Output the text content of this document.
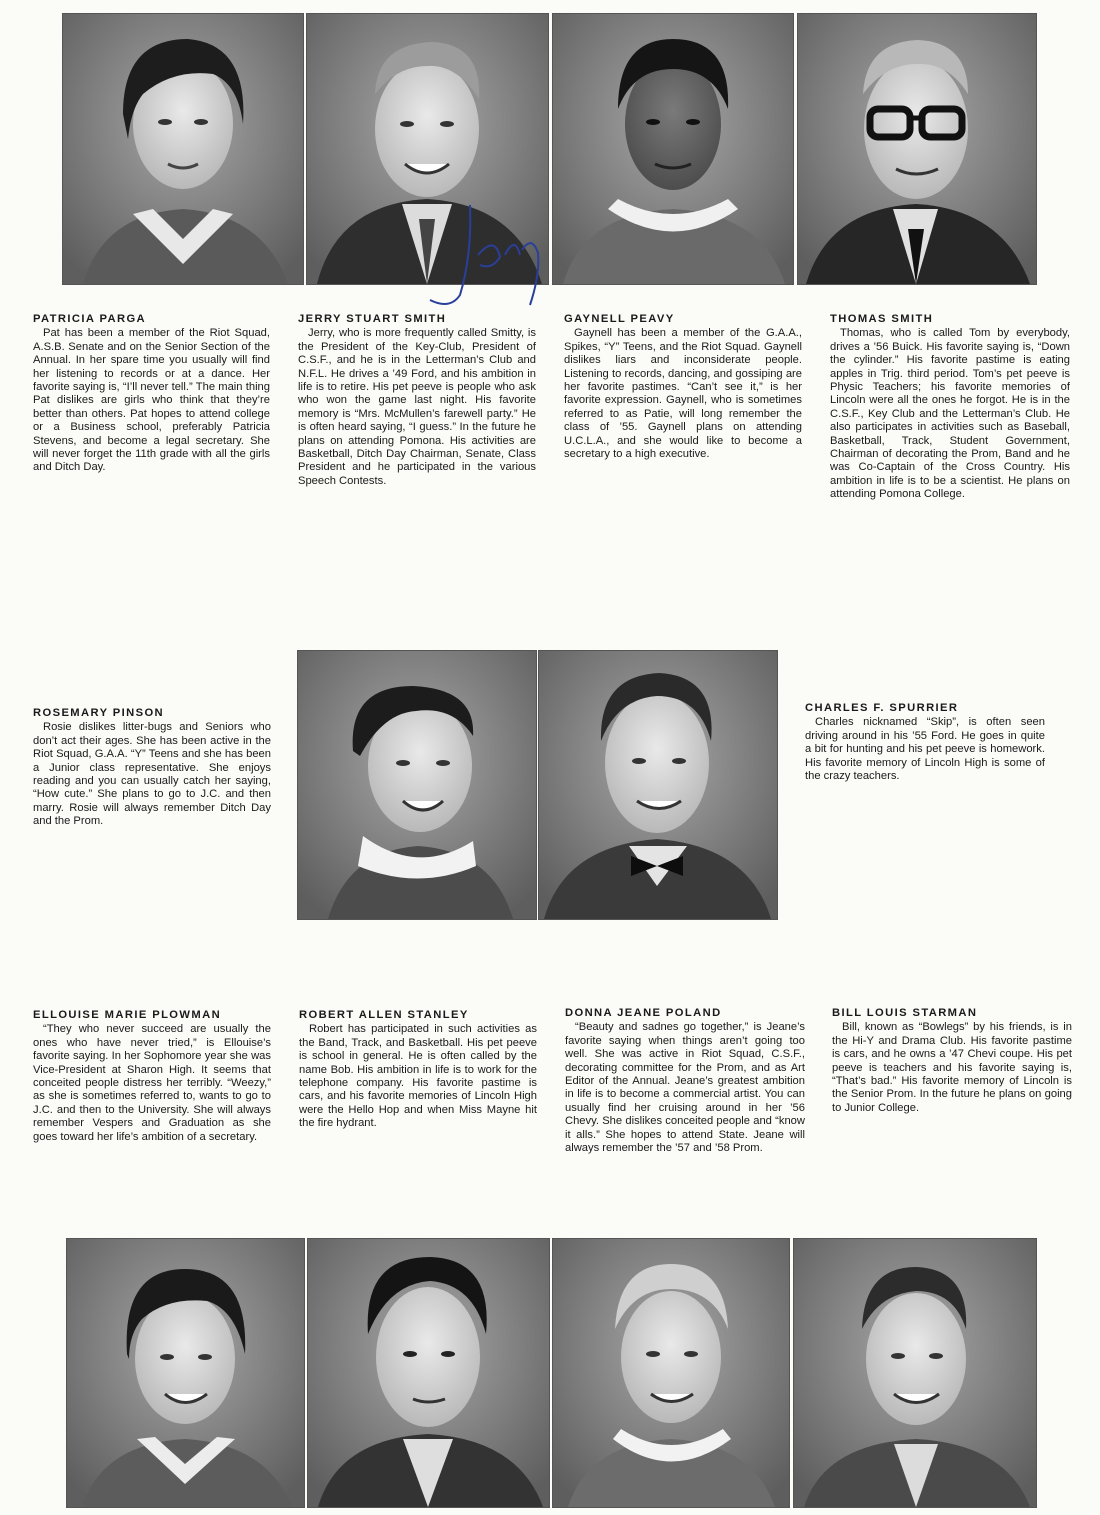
PATRICIA PARGA
Pat has been a member of the Riot Squad, A.S.B. Senate and on the Senior Section of the Annual. In her spare time you usually will find her listening to records or at a dance. Her favorite saying is, “I’ll never tell.” The main thing Pat dislikes are girls who think that they’re better than others. Pat hopes to attend college or a Business school, preferably Patricia Stevens, and become a legal secretary. She will never forget the 11th grade with all the girls and Ditch Day.
JERRY STUART SMITH
Jerry, who is more frequently called Smitty, is the President of the Key-Club, President of C.S.F., and he is in the Letterman’s Club and N.F.L. He drives a ’49 Ford, and his ambition in life is to retire. His pet peeve is people who ask who won the game last night. His favorite memory is “Mrs. McMullen’s farewell party.” He is often heard saying, “I guess.” In the future he plans on attending Pomona. His activities are Basketball, Ditch Day Chairman, Senate, Class President and he participated in the various Speech Contests.
GAYNELL PEAVY
Gaynell has been a member of the G.A.A., Spikes, “Y” Teens, and the Riot Squad. Gaynell dislikes liars and inconsiderate people. Listening to records, dancing, and gossiping are her favorite pastimes. “Can’t see it,” is her favorite expression. Gaynell, who is sometimes referred to as Patie, will long remember the class of ’55. Gaynell plans on attending U.C.L.A., and she would like to become a secretary to a high executive.
THOMAS SMITH
Thomas, who is called Tom by everybody, drives a ’56 Buick. His favorite saying is, “Down the cylinder.” His favorite pastime is eating apples in Trig. third period. Tom’s pet peeve is Physic Teachers; his favorite memories of Lincoln were all the ones he forgot. He is in the C.S.F., Key Club and the Letterman’s Club. He also participates in activities such as Baseball, Basketball, Track, Student Government, Chairman of decorating the Prom, Band and he was Co-Captain of the Cross Country. His ambition in life is to be a scientist. He plans on attending Pomona College.
ROSEMARY PINSON
Rosie dislikes litter-bugs and Seniors who don’t act their ages. She has been active in the Riot Squad, G.A.A. “Y” Teens and she has been a Junior class representative. She enjoys reading and you can usually catch her saying, “How cute.” She plans to go to J.C. and then marry. Rosie will always remember Ditch Day and the Prom.
CHARLES F. SPURRIER
Charles nicknamed “Skip”, is often seen driving around in his ’55 Ford. He goes in quite a bit for hunting and his pet peeve is homework. His favorite memory of Lincoln High is some of the crazy teachers.
ELLOUISE MARIE PLOWMAN
“They who never succeed are usually the ones who have never tried,” is Ellouise’s favorite saying. In her Sophomore year she was Vice-President at Sharon High. It seems that conceited people distress her terribly. “Weezy,” as she is sometimes referred to, wants to go to J.C. and then to the University. She will always remember Vespers and Graduation as she goes toward her life’s ambition of a secretary.
ROBERT ALLEN STANLEY
Robert has participated in such activities as the Band, Track, and Basketball. His pet peeve is school in general. He is often called by the name Bob. His ambition in life is to work for the telephone company. His favorite pastime is cars, and his favorite memories of Lincoln High were the Hello Hop and when Miss Mayne hit the fire hydrant.
DONNA JEANE POLAND
“Beauty and sadnes go together,” is Jeane’s favorite saying when things aren’t going too well. She was active in Riot Squad, C.S.F., decorating committee for the Prom, and as Art Editor of the Annual. Jeane’s greatest ambition in life is to become a commercial artist. You can usually find her cruising around in her ’56 Chevy. She dislikes conceited people and “know it alls.” She hopes to attend State. Jeane will always remember the ’57 and ’58 Prom.
BILL LOUIS STARMAN
Bill, known as “Bowlegs” by his friends, is in the Hi-Y and Drama Club. His favorite pastime is cars, and he owns a ’47 Chevi coupe. His pet peeve is teachers and his favorite saying is, “That’s bad.” His favorite memory of Lincoln is the Senior Prom. In the future he plans on going to Junior College.
